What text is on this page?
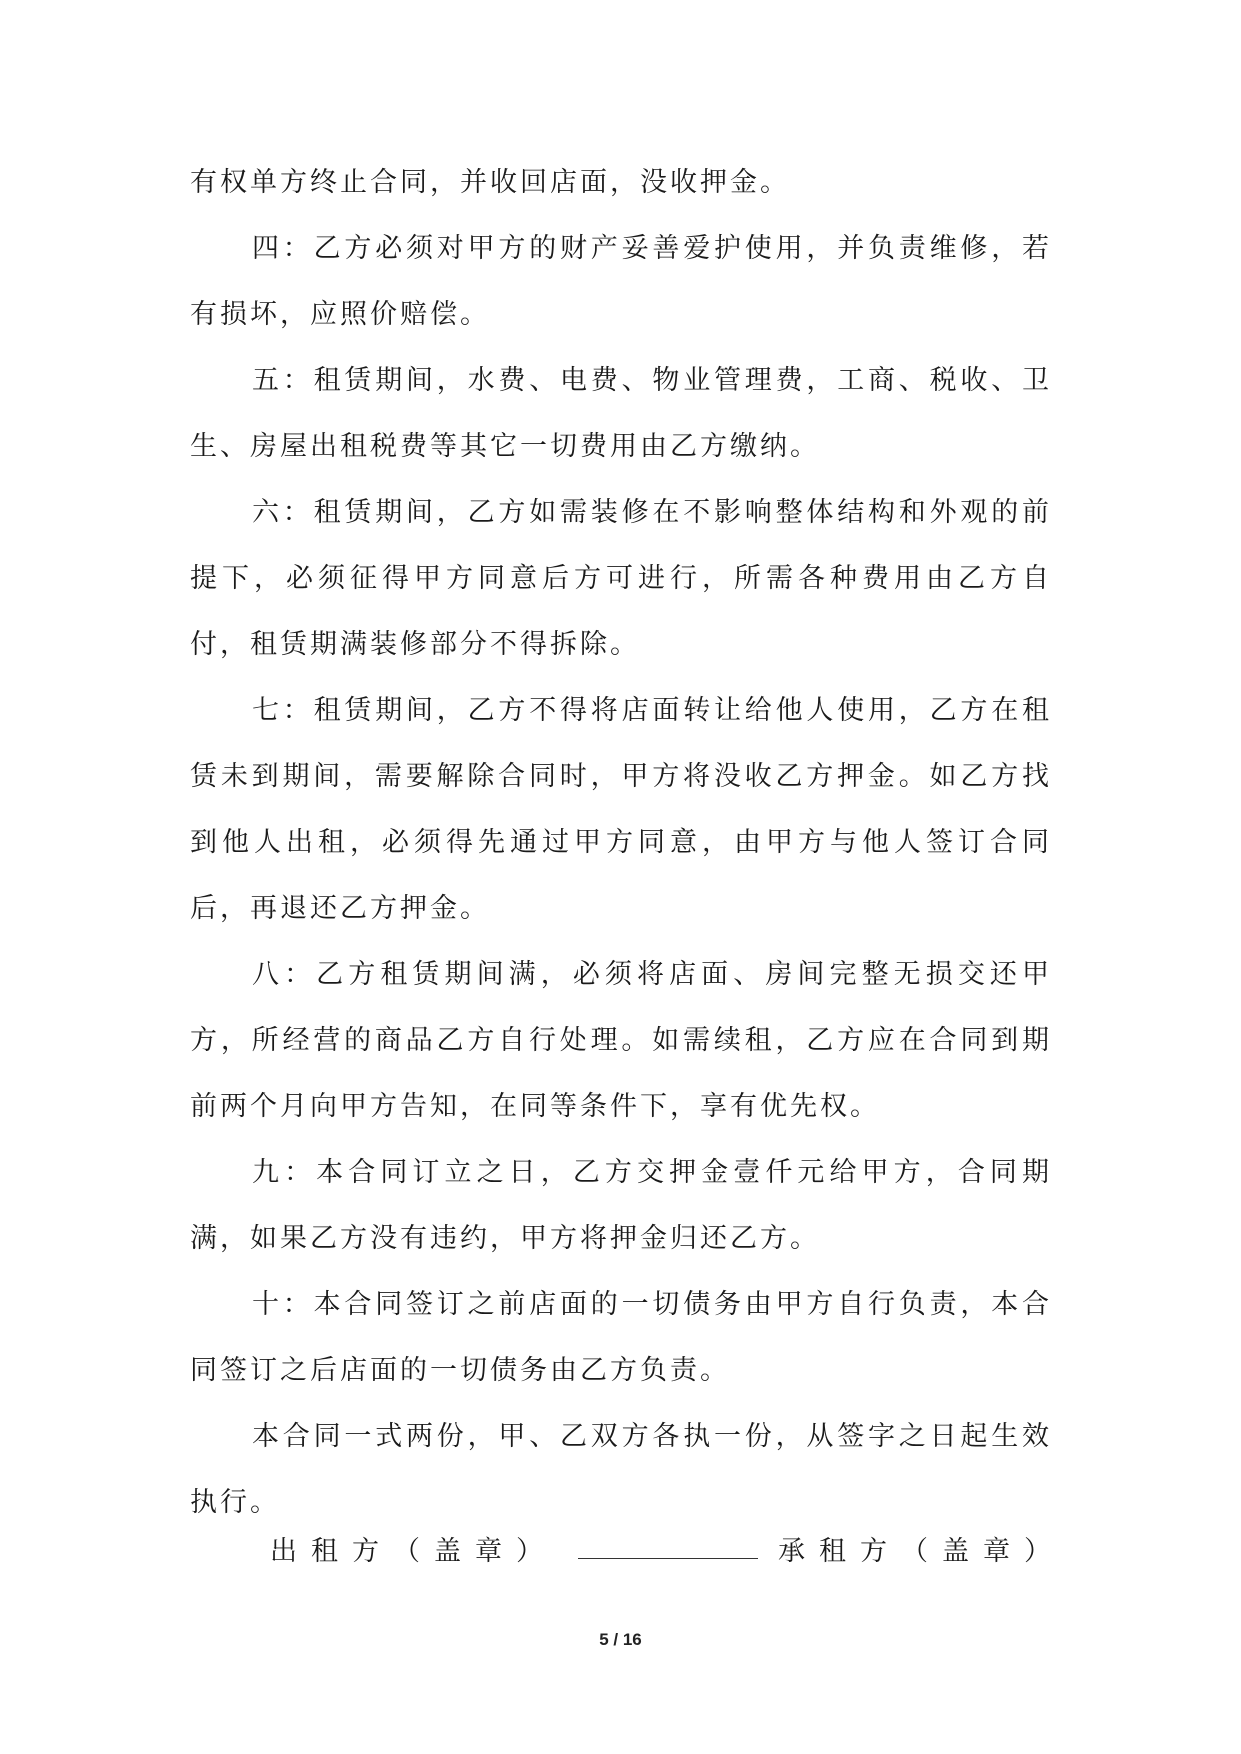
有权单方终止合同，并收回店面，没收押金。

四：乙方必须对甲方的财产妥善爱护使用，并负责维修，若有损坏，应照价赔偿。

五：租赁期间，水费、电费、物业管理费，工商、税收、卫生、房屋出租税费等其它一切费用由乙方缴纳。

六：租赁期间，乙方如需装修在不影响整体结构和外观的前提下，必须征得甲方同意后方可进行，所需各种费用由乙方自付，租赁期满装修部分不得拆除。

七：租赁期间，乙方不得将店面转让给他人使用，乙方在租赁未到期间，需要解除合同时，甲方将没收乙方押金。如乙方找到他人出租，必须得先通过甲方同意，由甲方与他人签订合同后，再退还乙方押金。

八：乙方租赁期间满，必须将店面、房间完整无损交还甲方，所经营的商品乙方自行处理。如需续租，乙方应在合同到期前两个月向甲方告知，在同等条件下，享有优先权。

九：本合同订立之日，乙方交押金壹仟元给甲方，合同期满，如果乙方没有违约，甲方将押金归还乙方。

十：本合同签订之前店面的一切债务由甲方自行负责，本合同签订之后店面的一切债务由乙方负责。

本合同一式两份，甲、乙双方各执一份，从签字之日起生效执行。

出租方（盖章）	承租方（盖章）
5 / 16
